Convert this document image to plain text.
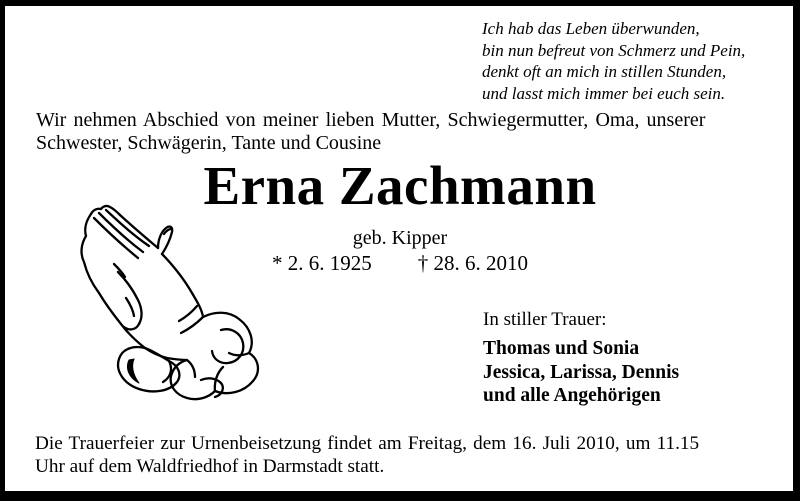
Ich hab das Leben überwunden,
bin nun befreut von Schmerz und Pein,
denkt oft an mich in stillen Stunden,
und lasst mich immer bei euch sein.
Wir nehmen Abschied von meiner lieben Mutter, Schwiegermutter, Oma, unserer
Schwester, Schwägerin, Tante und Cousine
Erna Zachmann
geb. Kipper
* 2. 6. 1925 † 28. 6. 2010
In stiller Trauer:
Thomas und Sonia
Jessica, Larissa, Dennis
und alle Angehörigen
Die Trauerfeier zur Urnenbeisetzung findet am Freitag, dem 16. Juli 2010, um 11.15
Uhr auf dem Waldfriedhof in Darmstadt statt.
